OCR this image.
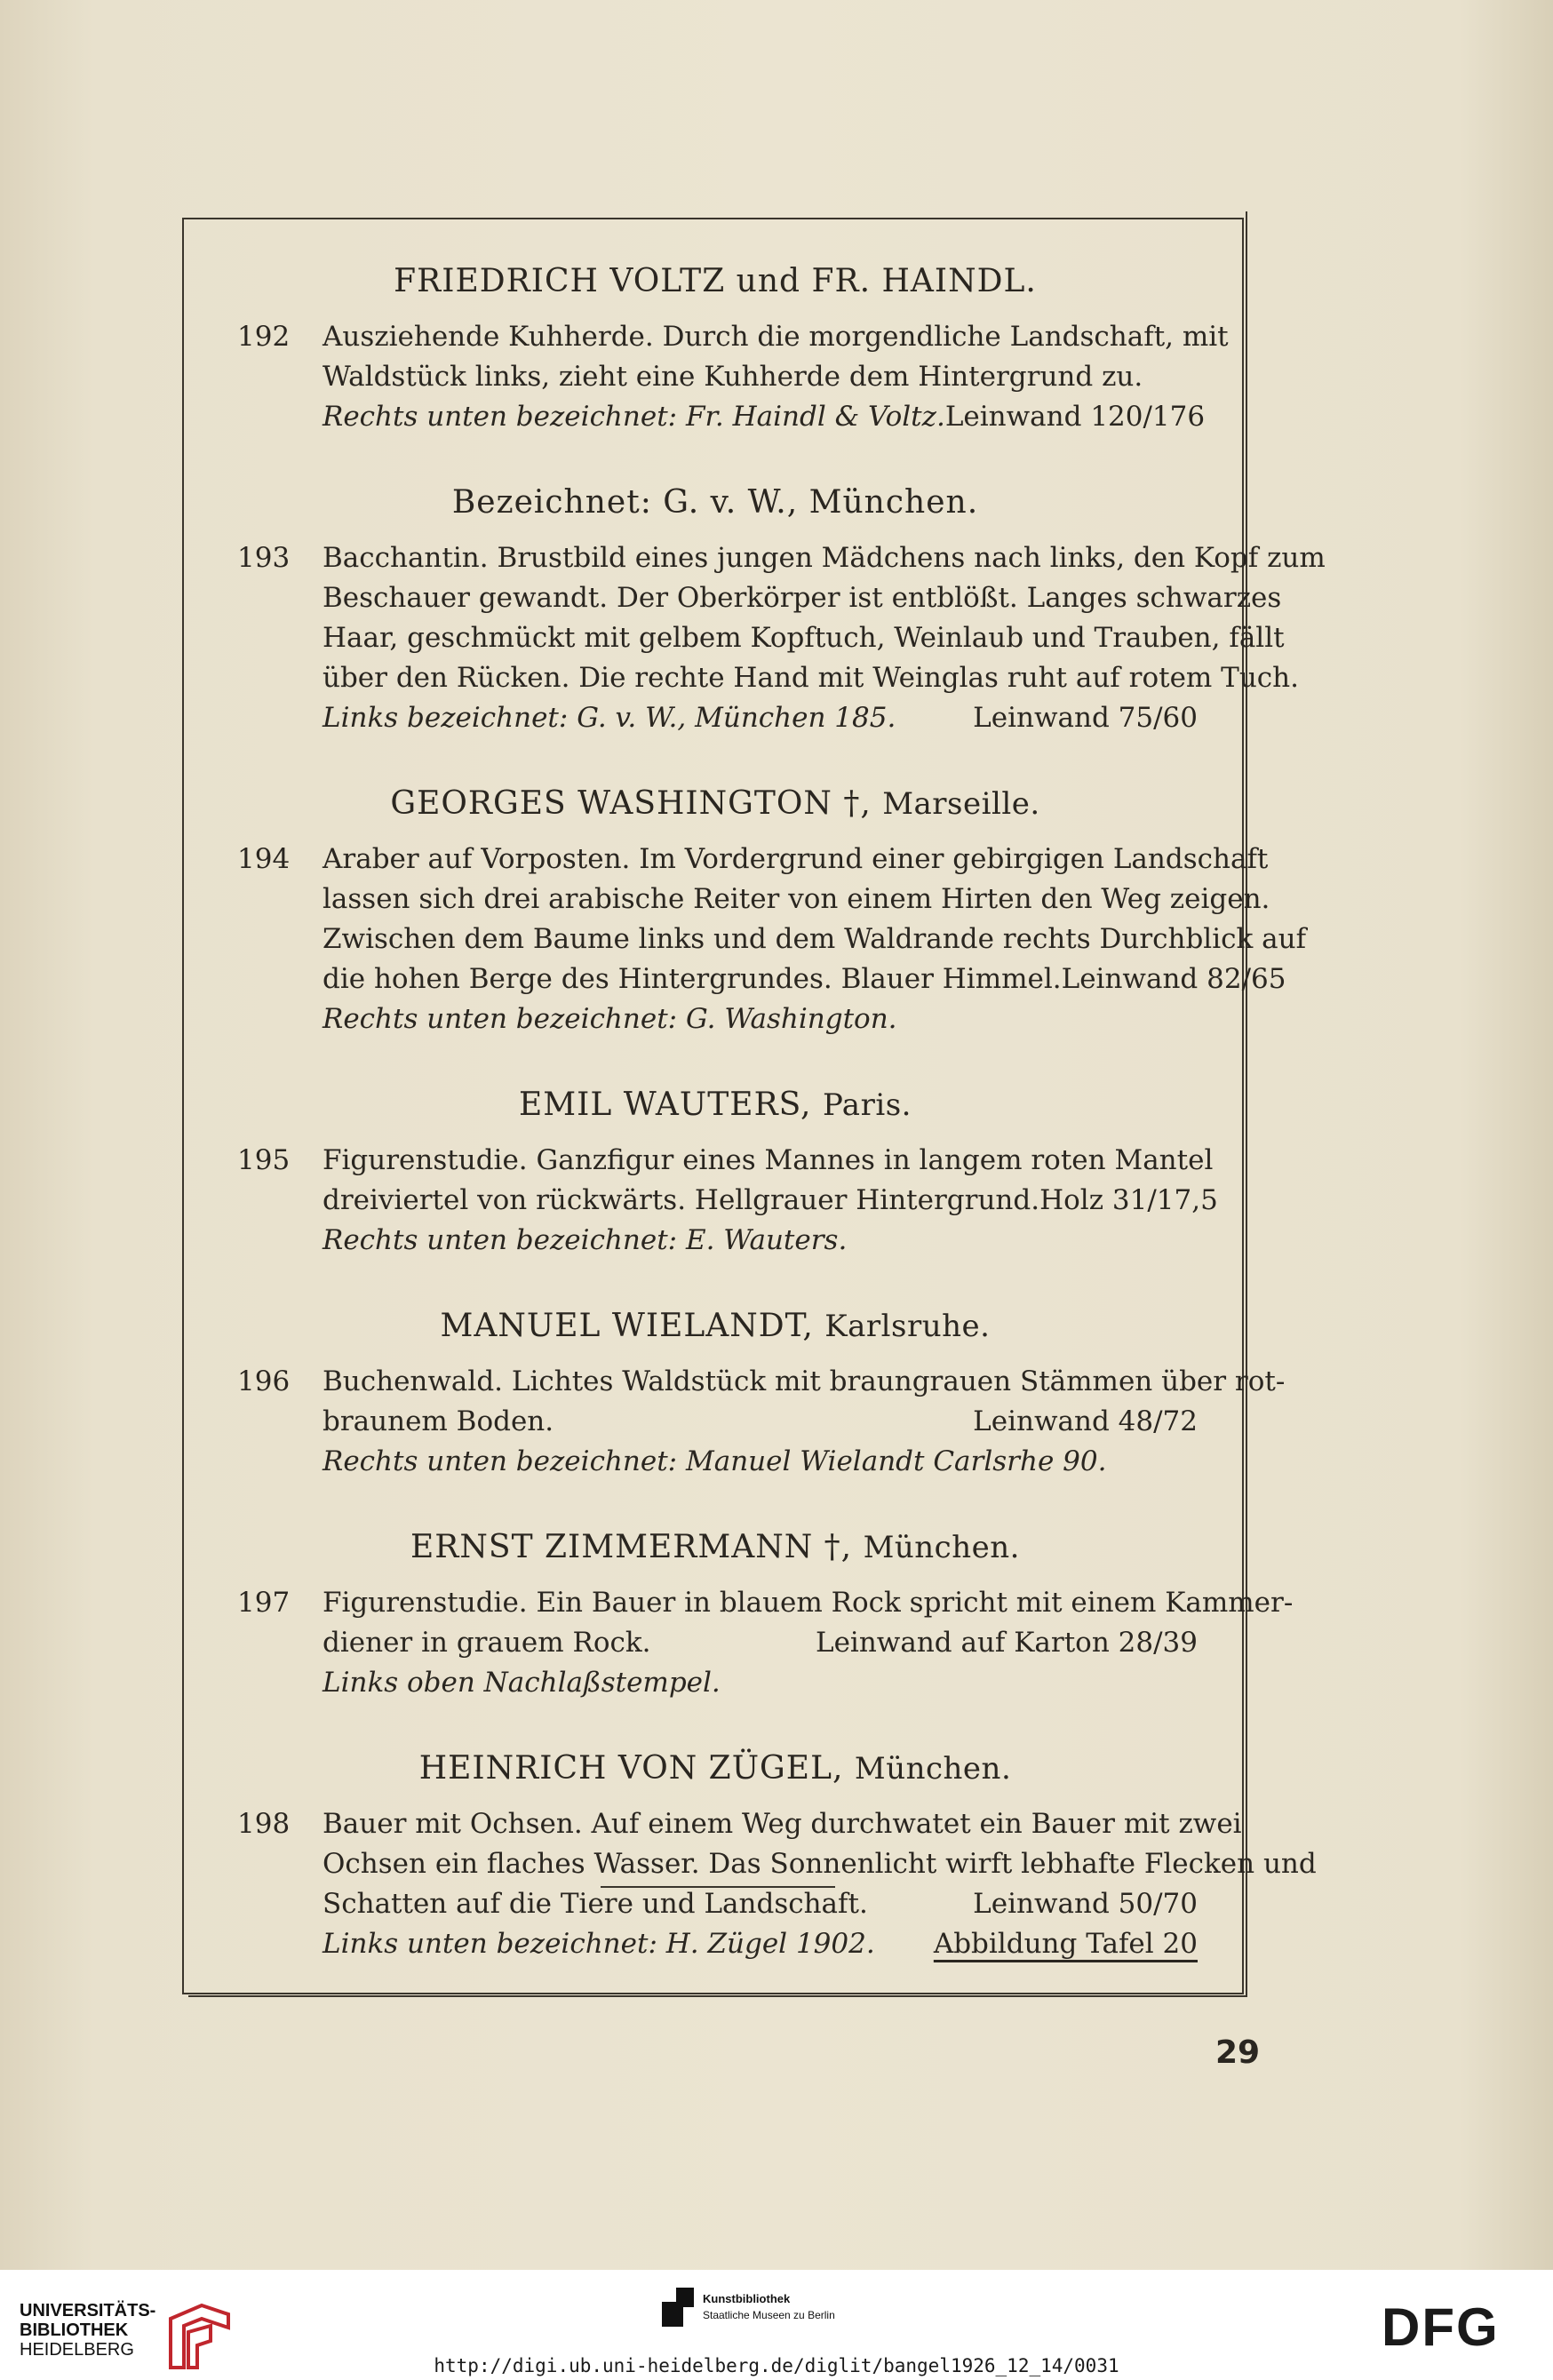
FRIEDRICH VOLTZ und FR. HAINDL.
192 Ausziehende Kuhherde. Durch die morgendliche Landschaft, mit
Waldstück links, zieht eine Kuhherde dem Hintergrund zu.
Rechts unten bezeichnet: Fr. Haindl & Voltz. Leinwand 120/176
Bezeichnet: G. v. W., München.
193 Bacchantin. Brustbild eines jungen Mädchens nach links, den Kopf zum
Beschauer gewandt. Der Oberkörper ist entblößt. Langes schwarzes
Haar, geschmückt mit gelbem Kopftuch, Weinlaub und Trauben, fällt
über den Rücken. Die rechte Hand mit Weinglas ruht auf rotem Tuch.
Links bezeichnet: G. v. W., München 185.	Leinwand 75/60
GEORGES WASHINGTON †, Marseille.
194 Araber auf Vorposten. Im Vordergrund einer gebirgigen Landschaft
lassen sich drei arabische Reiter von einem Hirten den Weg zeigen.
Zwischen dem Baume links und dem Waldrande rechts Durchblick auf
die hohen Berge des Hintergrundes. Blauer Himmel. Leinwand 82/65
Rechts unten bezeichnet: G. Washington.
EMIL WAUTERS, Paris.
195 Figurenstudie. Ganzfigur eines Mannes in langem roten Mantel
dreiviertel von rückwärts. Hellgrauer Hintergrund. Holz 31/17,5
Rechts unten bezeichnet: E. Wauters.
MANUEL WIELANDT, Karlsruhe.
196 Buchenwald. Lichtes Waldstück mit braungrauen Stämmen über rot-
braunem Boden.	Leinwand 48/72
Rechts unten bezeichnet: Manuel Wielandt Carlsrhe 90.
ERNST ZIMMERMANN †, München.
197 Figurenstudie. Ein Bauer in blauem Rock spricht mit einem Kammer-
diener in grauem Rock.	Leinwand auf Karton 28/39
Links oben Nachlaßstempel.
HEINRICH VON ZÜGEL, München.
198 Bauer mit Ochsen. Auf einem Weg durchwatet ein Bauer mit zwei
Ochsen ein flaches Wasser. Das Sonnenlicht wirft lebhafte Flecken und
Schatten auf die Tiere und Landschaft.	Leinwand 50/70
Links unten bezeichnet: H. Zügel 1902. Abbildung Tafel 20
29
UNIVERSITÄTS-
BIBLIOTHEK
HEIDELBERG
Kunstbibliothek
Staatliche Museen zu Berlin	DFG
http://digi.ub.uni-heidelberg.de/diglit/bangel1926_12_14/0031
